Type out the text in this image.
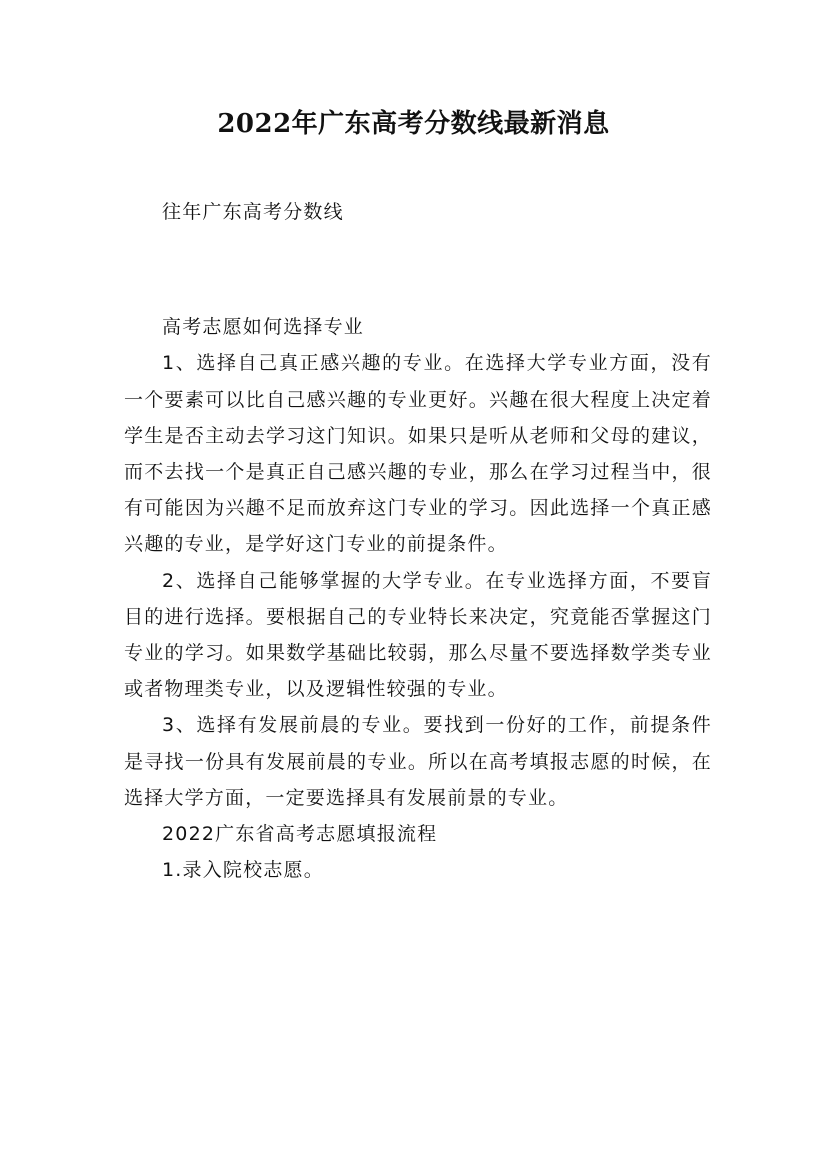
2022年广东高考分数线最新消息

往年广东高考分数线

高考志愿如何选择专业

1、选择自己真正感兴趣的专业。在选择大学专业方面，没有一个要素可以比自己感兴趣的专业更好。兴趣在很大程度上决定着学生是否主动去学习这门知识。如果只是听从老师和父母的建议，而不去找一个是真正自己感兴趣的专业，那么在学习过程当中，很有可能因为兴趣不足而放弃这门专业的学习。因此选择一个真正感兴趣的专业，是学好这门专业的前提条件。

2、选择自己能够掌握的大学专业。在专业选择方面，不要盲目的进行选择。要根据自己的专业特长来决定，究竟能否掌握这门专业的学习。如果数学基础比较弱，那么尽量不要选择数学类专业或者物理类专业，以及逻辑性较强的专业。

3、选择有发展前晨的专业。要找到一份好的工作，前提条件是寻找一份具有发展前晨的专业。所以在高考填报志愿的时候，在选择大学方面，一定要选择具有发展前景的专业。

2022广东省高考志愿填报流程

1.录入院校志愿。
